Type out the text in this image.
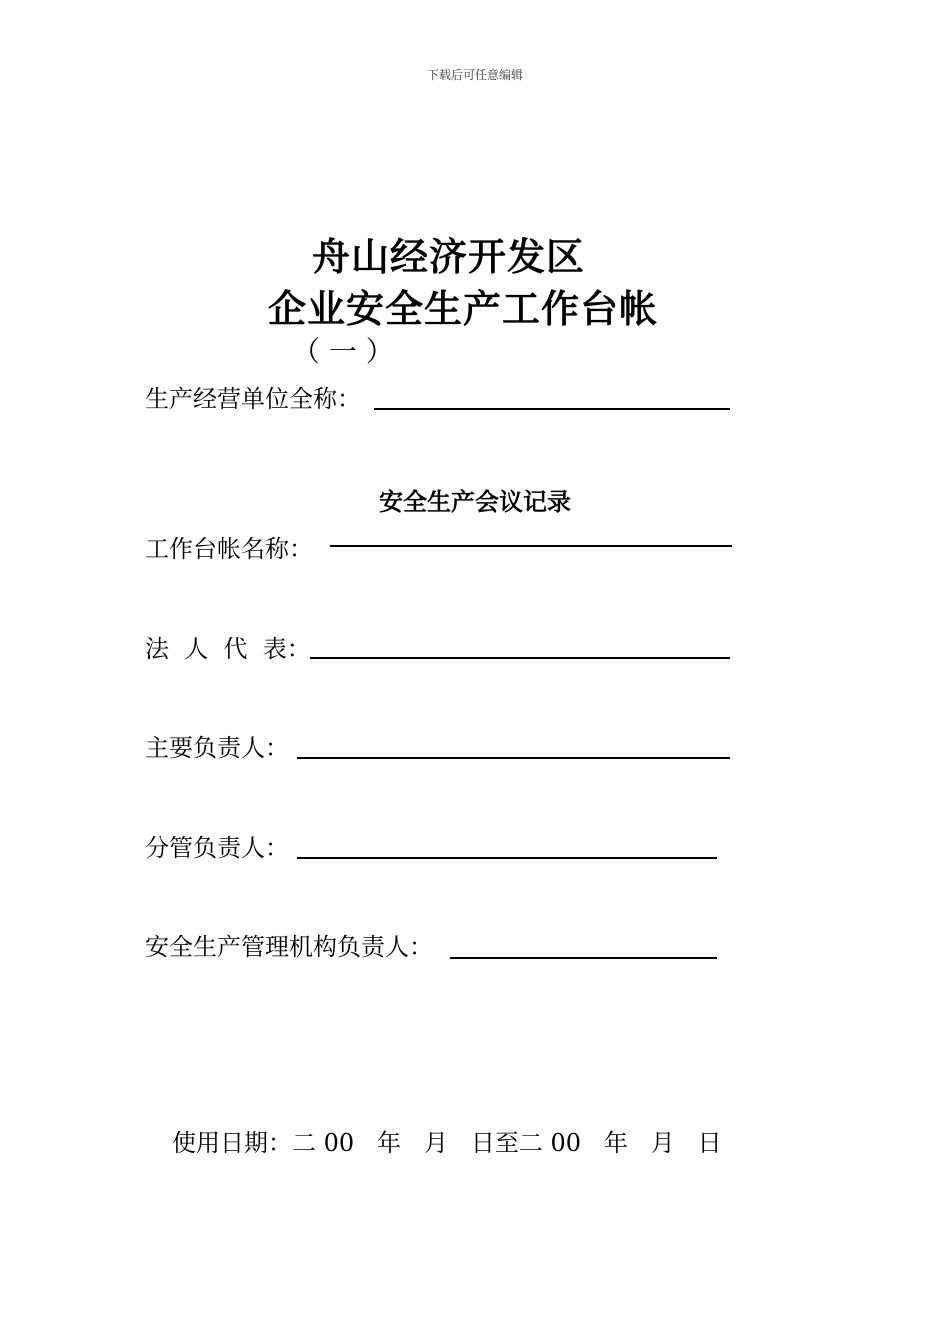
下载后可任意编辑
舟山经济开发区
企业安全生产工作台帐
（ 一 ）
生产经营单位全称：
安全生产会议记录
工作台帐名称：
法  人  代  表：
主要负责人：
分管负责人：
安全生产管理机构负责人：
使用日期：二 00   年   月   日至二 00   年   月   日
